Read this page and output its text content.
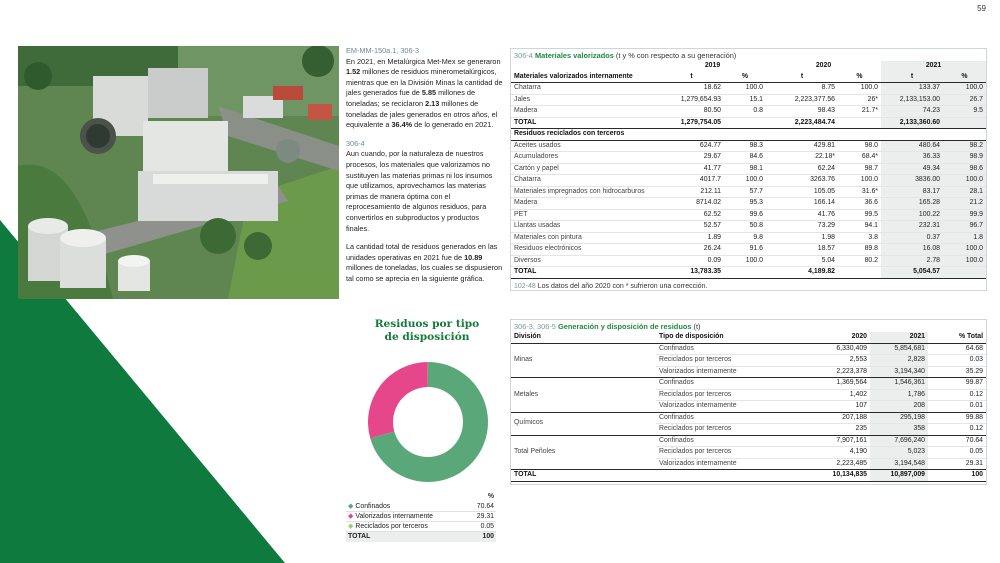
59

EM-MM-150a.1, 306-3

En 2021, en Metalúrgica Met-Mex se generaron 1.52 millones de residuos minerometalúrgicos, mientras que en la División Minas la cantidad de jales generados fue de 5.85 millones de toneladas; se reciclaron 2.13 millones de toneladas de jales generados en otros años, el equivalente a 36.4% de lo generado en 2021.

306-4

Aun cuando, por la naturaleza de nuestros procesos, los materiales que valorizamos no sustituyen las materias primas ni los insumos que utilizamos, aprovechamos las materias primas de manera óptima con el reprocesamiento de algunos residuos, para convertirlos en subproductos y productos finales.

La cantidad total de residuos generados en las unidades operativas en 2021 fue de 10.89 millones de toneladas, los cuales se dispusieron tal como se aprecia en la siguiente gráfica.

306-4 Materiales valorizados (t y % con respecto a su generación)
	2019		2020		2021	
Materiales valorizados internamente	t	%	t	%	t	%
Chatarra	18.62	100.0	8.75	100.0	133.37	100.0
Jales	1,279,654.93	15.1	2,223,377.56	26*	2,133,153.00	26.7
Madera	80.50	0.8	98.43	21.7*	74.23	9.5
TOTAL	1,279,754.05		2,223,484.74		2,133,360.60	
Residuos reciclados con terceros						
Aceites usados	624.77	98.3	429.81	98.0	480.64	98.2
Acumuladores	29.67	84.6	22.18*	68.4*	36.33	98.9
Cartón y papel	41.77	98.1	62.24	98.7	49.34	98.6
Chatarra	4017.7	100.0	3263.76	100.0	3836.00	100.0
Materiales impregnados con hidrocarburos	212.11	57.7	105.05	31.6*	83.17	28.1
Madera	8714.02	95.3	166.14	36.6	165.28	21.2
PET	62.52	99.6	41.76	99.5	100.22	99.9
Llantas usadas	52.57	50.8	73.29	94.1	232.31	96.7
Materiales con pintura	1.89	9.8	1.98	3.8	0.37	1.8
Residuos electrónicos	26.24	91.6	18.57	89.8	16.08	100.0
Diversos	0.09	100.0	5.04	80.2	2.78	100.0
TOTAL	13,783.35		4,189.82		5,054.57	
102-48 Los datos del año 2020 con * sufrieron una corrección.
306-3, 306-5 Generación y disposición de residuos (t)
División	Tipo de disposición	2020	2021	% Total
Minas	Confinados	6,330,409	5,854,681	64.68
	Reciclados por terceros	2,553	2,828	0.03
	Valorizados internamente	2,223,378	3,194,340	35.29
Metales	Confinados	1,369,564	1,546,361	99.87
	Reciclados por terceros	1,402	1,786	0.12
	Valorizados internamente	107	208	0.01
Químicos	Confinados	207,188	295,198	99.88
	Reciclados por terceros	235	358	0.12
Total Peñoles	Confinados	7,907,161	7,696,240	70.64
	Reciclados por terceros	4,190	5,023	0.05
	Valorizados internamente	2,223,485	3,194,548	29.31
TOTAL		10,134,835	10,897,009	100
Residuos por tipo
de disposición
	%
◆ Confinados	70.64
◆ Valorizados internamente	29.31
◆ Reciclados por terceros	0.05
TOTAL	100
